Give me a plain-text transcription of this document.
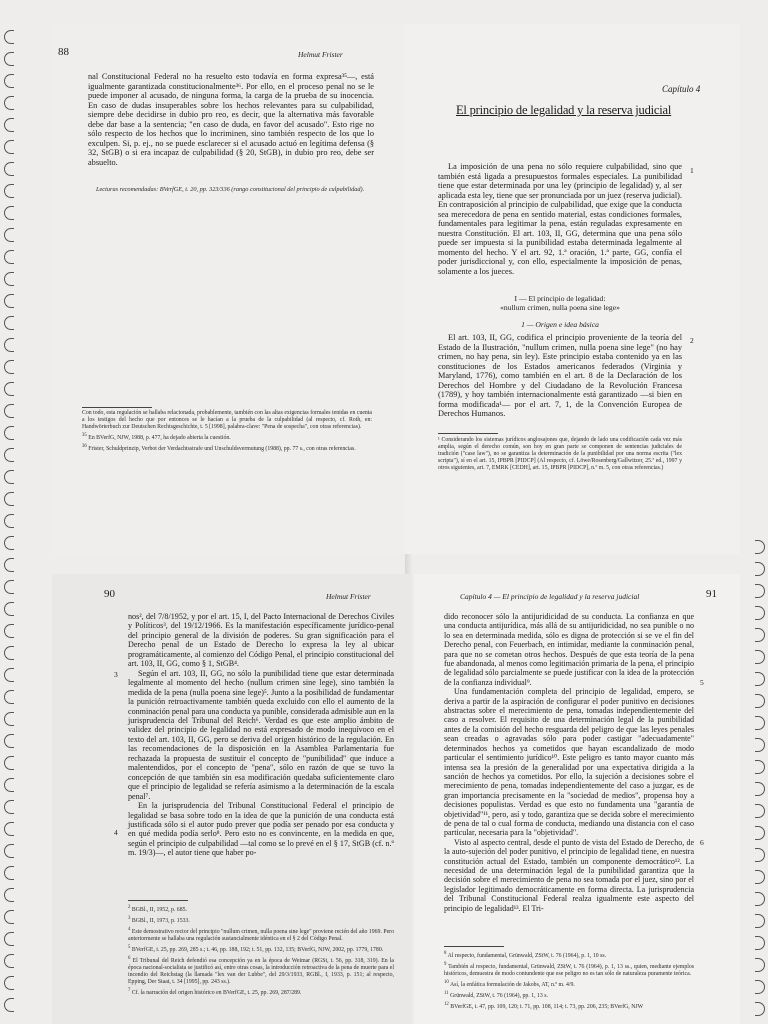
88	Helmut Frister

nal Constitucional Federal no ha resuelto esto todavía en forma expresa³⁵—, está igualmente garantizada constitucionalmente³⁶. Por ello, en el proceso penal no se le puede imponer al acusado, de ninguna forma, la carga de la prueba de su inocencia. En caso de dudas insuperables sobre los hechos relevantes para su culpabilidad, siempre debe decidirse in dubio pro reo, es decir, que la alternativa más favorable debe dar base a la sentencia; "en caso de duda, en favor del acusado". Esto rige no sólo respecto de los hechos que lo incriminen, sino también respecto de los que lo exculpen. Si, p. ej., no se puede esclarecer si el acusado actuó en legítima defensa (§ 32, StGB) o si era incapaz de culpabilidad (§ 20, StGB), in dubio pro reo, debe ser absuelto.

Lecturas recomendadas: BVerfGE, t. 20, pp. 323/336 (rango constitucional del principio de culpabilidad).

Con todo, esta regulación se hallaba relacionada, probablemente, también con las altas exigencias formales tenidas en cuenta a los testigos del hecho que por entonces se le hacían a la prueba de la culpabilidad (al respecto, cf. Roth, en: Handwörterbuch zur Deutschen Rechtsgeschichte, t. 5 [1998], palabra-clave: "Pena de sospecha", con otras referencias).

$^{35}$ En BVerfG, NJW, 1988, p. 477, ha dejado abierta la cuestión.

$^{36}$ Frister, Schuldprinzip, Verbot der Verdachtsstrafe und Unschuldsvermutung (1988), pp. 77 s., con otras referencias.

Capítulo 4
El principio de legalidad y la reserva judicial
1

La imposición de una pena no sólo requiere culpabilidad, sino que también está ligada a presupuestos formales especiales. La punibilidad tiene que estar determinada por una ley (principio de legalidad) y, al ser aplicada esta ley, tiene que ser pronunciada por un juez (reserva judicial). En contraposición al principio de culpabilidad, que exige que la conducta sea merecedora de pena en sentido material, estas condiciones formales, fundamentales para legitimar la pena, están reguladas expresamente en nuestra Constitución. El art. 103, II, GG, determina que una pena sólo puede ser impuesta si la punibilidad estaba determinada legalmente al momento del hecho. Y el art. 92, 1.ª oración, 1.ª parte, GG, confía el poder jurisdiccional y, con ello, especialmente la imposición de penas, solamente a los jueces.

I — El principio de legalidad:
«nullum crimen, nulla poena sine lege»
1 — Origen e idea básica
2

El art. 103, II, GG, codifica el principio proveniente de la teoría del Estado de la Ilustración, "nullum crimen, nulla poena sine lege" (no hay crimen, no hay pena, sin ley). Este principio estaba contenido ya en las constituciones de los Estados americanos federados (Virginia y Maryland, 1776), como también en el art. 8 de la Declaración de los Derechos del Hombre y del Ciudadano de la Revolución Francesa (1789), y hoy también internacionalmente está garantizado —si bien en forma modificada¹— por el art. 7, 1, de la Convención Europea de Derechos Humanos.

¹ Considerando los sistemas jurídicos anglosajones que, dejando de lado una codificación cada vez más amplia, según el derecho común, son hoy en gran parte se componen de sentencias judiciales de tradición ("case law"), no se garantiza la determinación de la punibilidad por una norma escrita ("lex scripta"), sí en el art. 15, IPBPR [PIDCP] (Al respecto, cf. Löwe/Rosenberg/Gallwitzer, 25.ª ed., 1997 y otros siguientes, art. 7, EMRK [CEDH], art. 15, IPBPR [PIDCP], n.º m. 5, con otras referencias.)
90	Helmut Frister

nos², del 7/8/1952, y por el art. 15, I, del Pacto Internacional de Derechos Civiles y Políticos³, del 19/12/1966. Es la manifestación específicamente jurídico-penal del principio general de la división de poderes. Su gran significación para el Derecho penal de un Estado de Derecho lo expresa la ley al ubicar programáticamente, al comienzo del Código Penal, el principio constitucional del art. 103, II, GG, como § 1, StGB⁴.

Según el art. 103, II, GG, no sólo la punibilidad tiene que estar determinada legalmente al momento del hecho (nullum crimen sine lege), sino también la medida de la pena (nulla poena sine lege)⁵. Junto a la posibilidad de fundamentar la punición retroactivamente también queda excluido con ello el aumento de la conminación penal para una conducta ya punible, considerada admisible aun en la jurisprudencia del Tribunal del Reich⁶. Verdad es que este amplio ámbito de validez del principio de legalidad no está expresado de modo inequívoco en el texto del art. 103, II, GG, pero se deriva del origen histórico de la regulación. En las recomendaciones de la disposición en la Asamblea Parlamentaria fue rechazada la propuesta de sustituir el concepto de "punibilidad" que induce a malentendidos, por el concepto de "pena", sólo en razón de que se tuvo la concepción de que también sin esa modificación quedaba suficientemente claro que el principio de legalidad se refería asimismo a la determinación de la escala penal⁷.

En la jurisprudencia del Tribunal Constitucional Federal el principio de legalidad se basa sobre todo en la idea de que la punición de una conducta está justificada sólo si el autor pudo prever que podía ser penado por esa conducta y en qué medida podía serlo⁸. Pero esto no es convincente, en la medida en que, según el principio de culpabilidad —tal como se lo prevé en el § 17, StGB (cf. n.º m. 19/3)—, el autor tiene que haber po-

3
4

$^2$ BGBl., II, 1952, p. 685.

$^3$ BGBl., II, 1973, p. 1533.

$^4$ Este demostrativo rector del principio "nullum crimen, nulla poena sine lege" proviene recién del año 1969. Pero anteriormente se hallaba una regulación sustancialmente idéntica en el § 2 del Código Penal.

$^5$ BVerfGE, t. 25, pp. 269, 285 s.; t. 46, pp. 188, 192; t. 51, pp. 132, 135; BVerfG, NJW, 2002, pp. 1779, 1780.

$^6$ El Tribunal del Reich defendió esa concepción ya en la época de Weimar (RGSt, t. 56, pp. 318, 319). En la época nacional-socialista se justificó así, entre otras cosas, la introducción retroactiva de la pena de muerte para el incendio del Reichstag (la llamada "lex van der Lubbe", del 29/3/1933, RGBl., I, 1933, p. 151; al respecto, Epping, Der Staat, t. 34 [1995], pp. 243 ss.).

$^7$ Cf. la narración del origen histórico en BVerfGE, t. 25, pp. 269, 287/289.

Capítulo 4 — El principio de legalidad y la reserva judicial	91

dido reconocer sólo la antijuridicidad de su conducta. La confianza en que una conducta antijurídica, más allá de su antijuridicidad, no sea punible o no lo sea en determinada medida, sólo es digna de protección si se ve el fin del Derecho penal, con Feuerbach, en intimidar, mediante la conminación penal, para que no se cometan otros hechos. Después de que esta teoría de la pena fue abandonada, al menos como legitimación primaria de la pena, el principio de legalidad sólo parcialmente se puede justificar con la idea de la protección de la confianza individual⁹.

Una fundamentación completa del principio de legalidad, empero, se deriva a partir de la aspiración de configurar el poder punitivo en decisiones abstractas sobre el merecimiento de pena, tomadas independientemente del caso a resolver. El requisito de una determinación legal de la punibilidad antes de la comisión del hecho resguarda del peligro de que las leyes penales sean creadas o agravadas sólo para poder castigar "adecuadamente" determinados hechos ya cometidos que hayan escandalizado de modo particular el sentimiento jurídico¹⁰. Este peligro es tanto mayor cuanto más intensa sea la presión de la generalidad por una expectativa dirigida a la sanción de hechos ya cometidos. Por ello, la sujeción a decisiones sobre el merecimiento de pena, tomadas independientemente del caso a juzgar, es de gran importancia precisamente en la "sociedad de medios", propensa hoy a decisiones populistas. Verdad es que esto no fundamenta una "garantía de objetividad"¹¹, pero, así y todo, garantiza que se decida sobre el merecimiento de pena de tal o cual forma de conducta, mediando una distancia con el caso particular, necesaria para la "objetividad".

Visto al aspecto central, desde el punto de vista del Estado de Derecho, de la auto-sujeción del poder punitivo, el principio de legalidad tiene, en nuestra constitución actual del Estado, también un componente democrático¹². La necesidad de una determinación legal de la punibilidad garantiza que la decisión sobre el merecimiento de pena no sea tomada por el juez, sino por el legislador legitimado democráticamente en forma directa. La jurisprudencia del Tribunal Constitucional Federal realza igualmente este aspecto del principio de legalidad¹³. El Tri-

5
6

$^8$ Al respecto, fundamental, Grünwald, ZStW, t. 76 (1964), p. 1, 10 ss.

$^9$ También al respecto, fundamental, Grünwald, ZStW, t. 76 (1964), p. 1, 13 ss., quien, mediante ejemplos históricos, demuestra de modo contundente que ese peligro no es tan sólo de naturaleza puramente teórica.

$^{10}$ Así, la enfática formulación de Jakobs, AT, n.º m. 4/9.

$^{11}$ Grünwald, ZStW, t. 76 (1964), pp. 1, 13 s.

$^{12}$ BVerfGE, t. 47, pp. 109, 120; t. 71, pp. 108, 114; t. 73, pp. 206, 235; BVerfG, NJW
